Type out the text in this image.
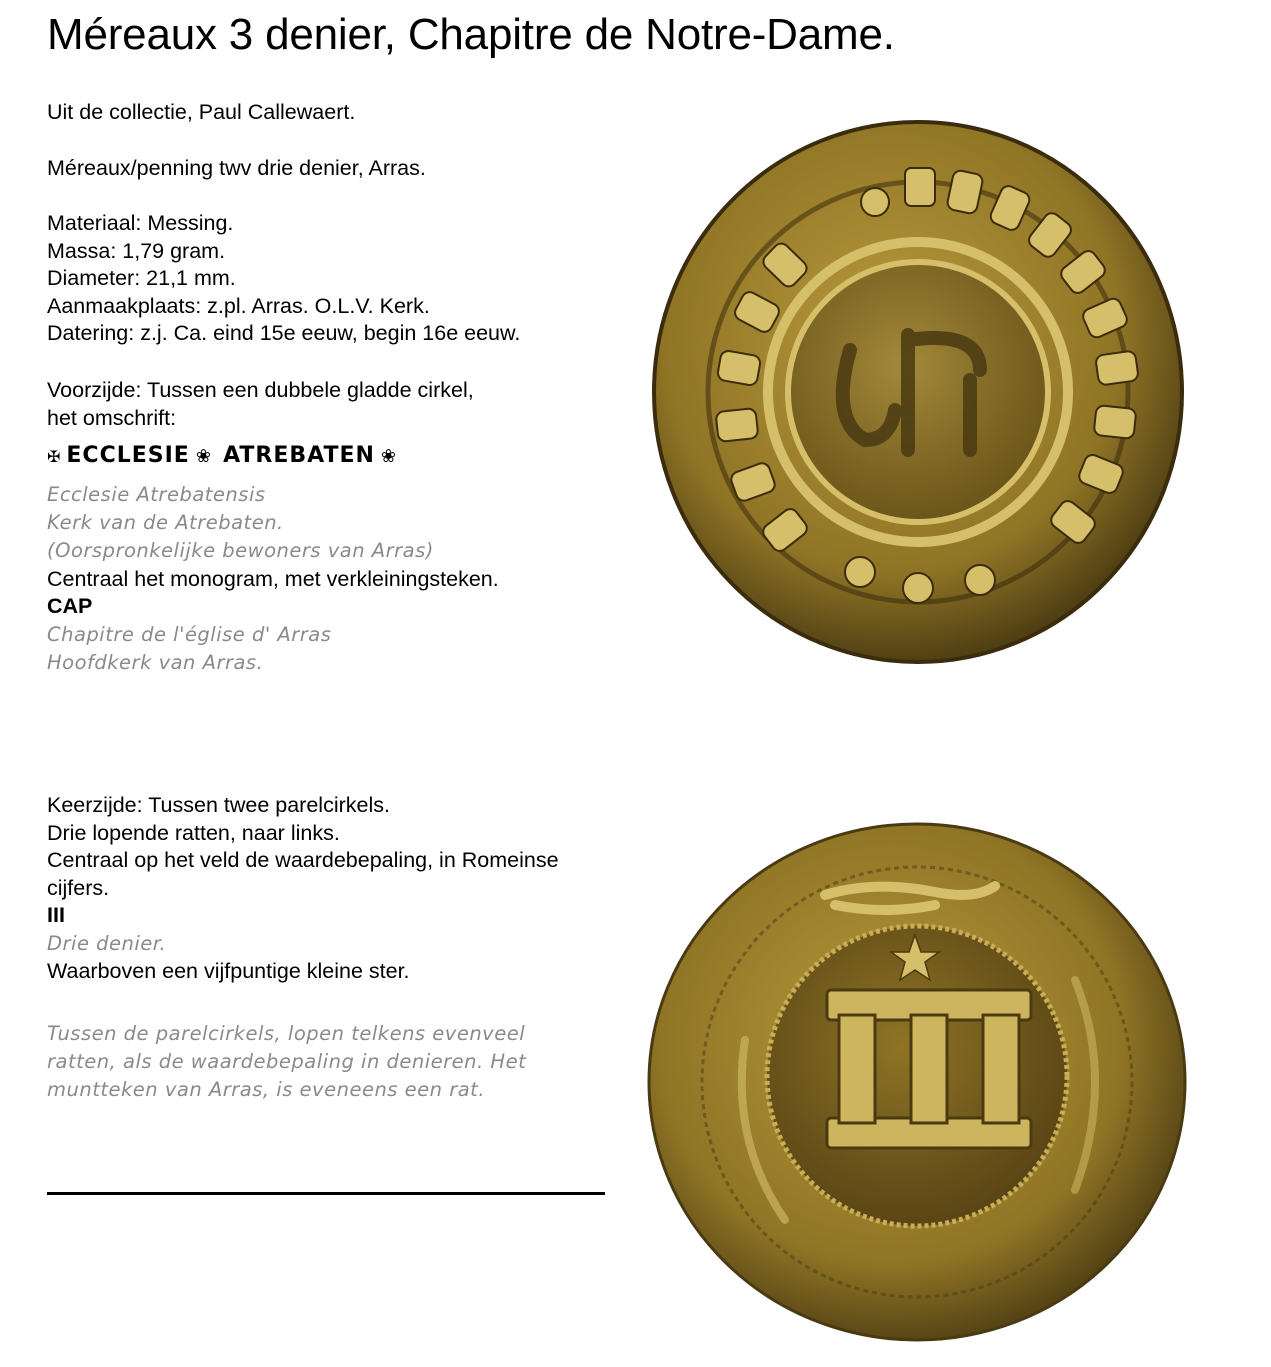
Méreaux 3 denier, Chapitre de Notre-Dame.
Uit de collectie, Paul Callewaert.
Méreaux/penning twv drie denier, Arras.
Materiaal: Messing.
Massa: 1,79 gram.
Diameter: 21,1 mm.
Aanmaakplaats: z.pl. Arras. O.L.V. Kerk.
Datering: z.j. Ca. eind 15e eeuw, begin 16e eeuw.
Voorzijde: Tussen een dubbele gladde cirkel,
het omschrift:
✠ ECCLESIE ❀ ATREBATEN ❀
Ecclesie Atrebatensis
Kerk van de Atrebaten.
(Oorspronkelijke bewoners van Arras)
Centraal het monogram, met verkleiningsteken.
CAP
Chapitre de l'église d' Arras
Hoofdkerk van Arras.
Keerzijde: Tussen twee parelcirkels.
Drie lopende ratten, naar links.
Centraal op het veld de waardebepaling, in Romeinse
cijfers.
III
Drie denier.
Waarboven een vijfpuntige kleine ster.
Tussen de parelcirkels, lopen telkens evenveel
ratten, als de waardebepaling in denieren. Het
muntteken van Arras, is eveneens een rat.
